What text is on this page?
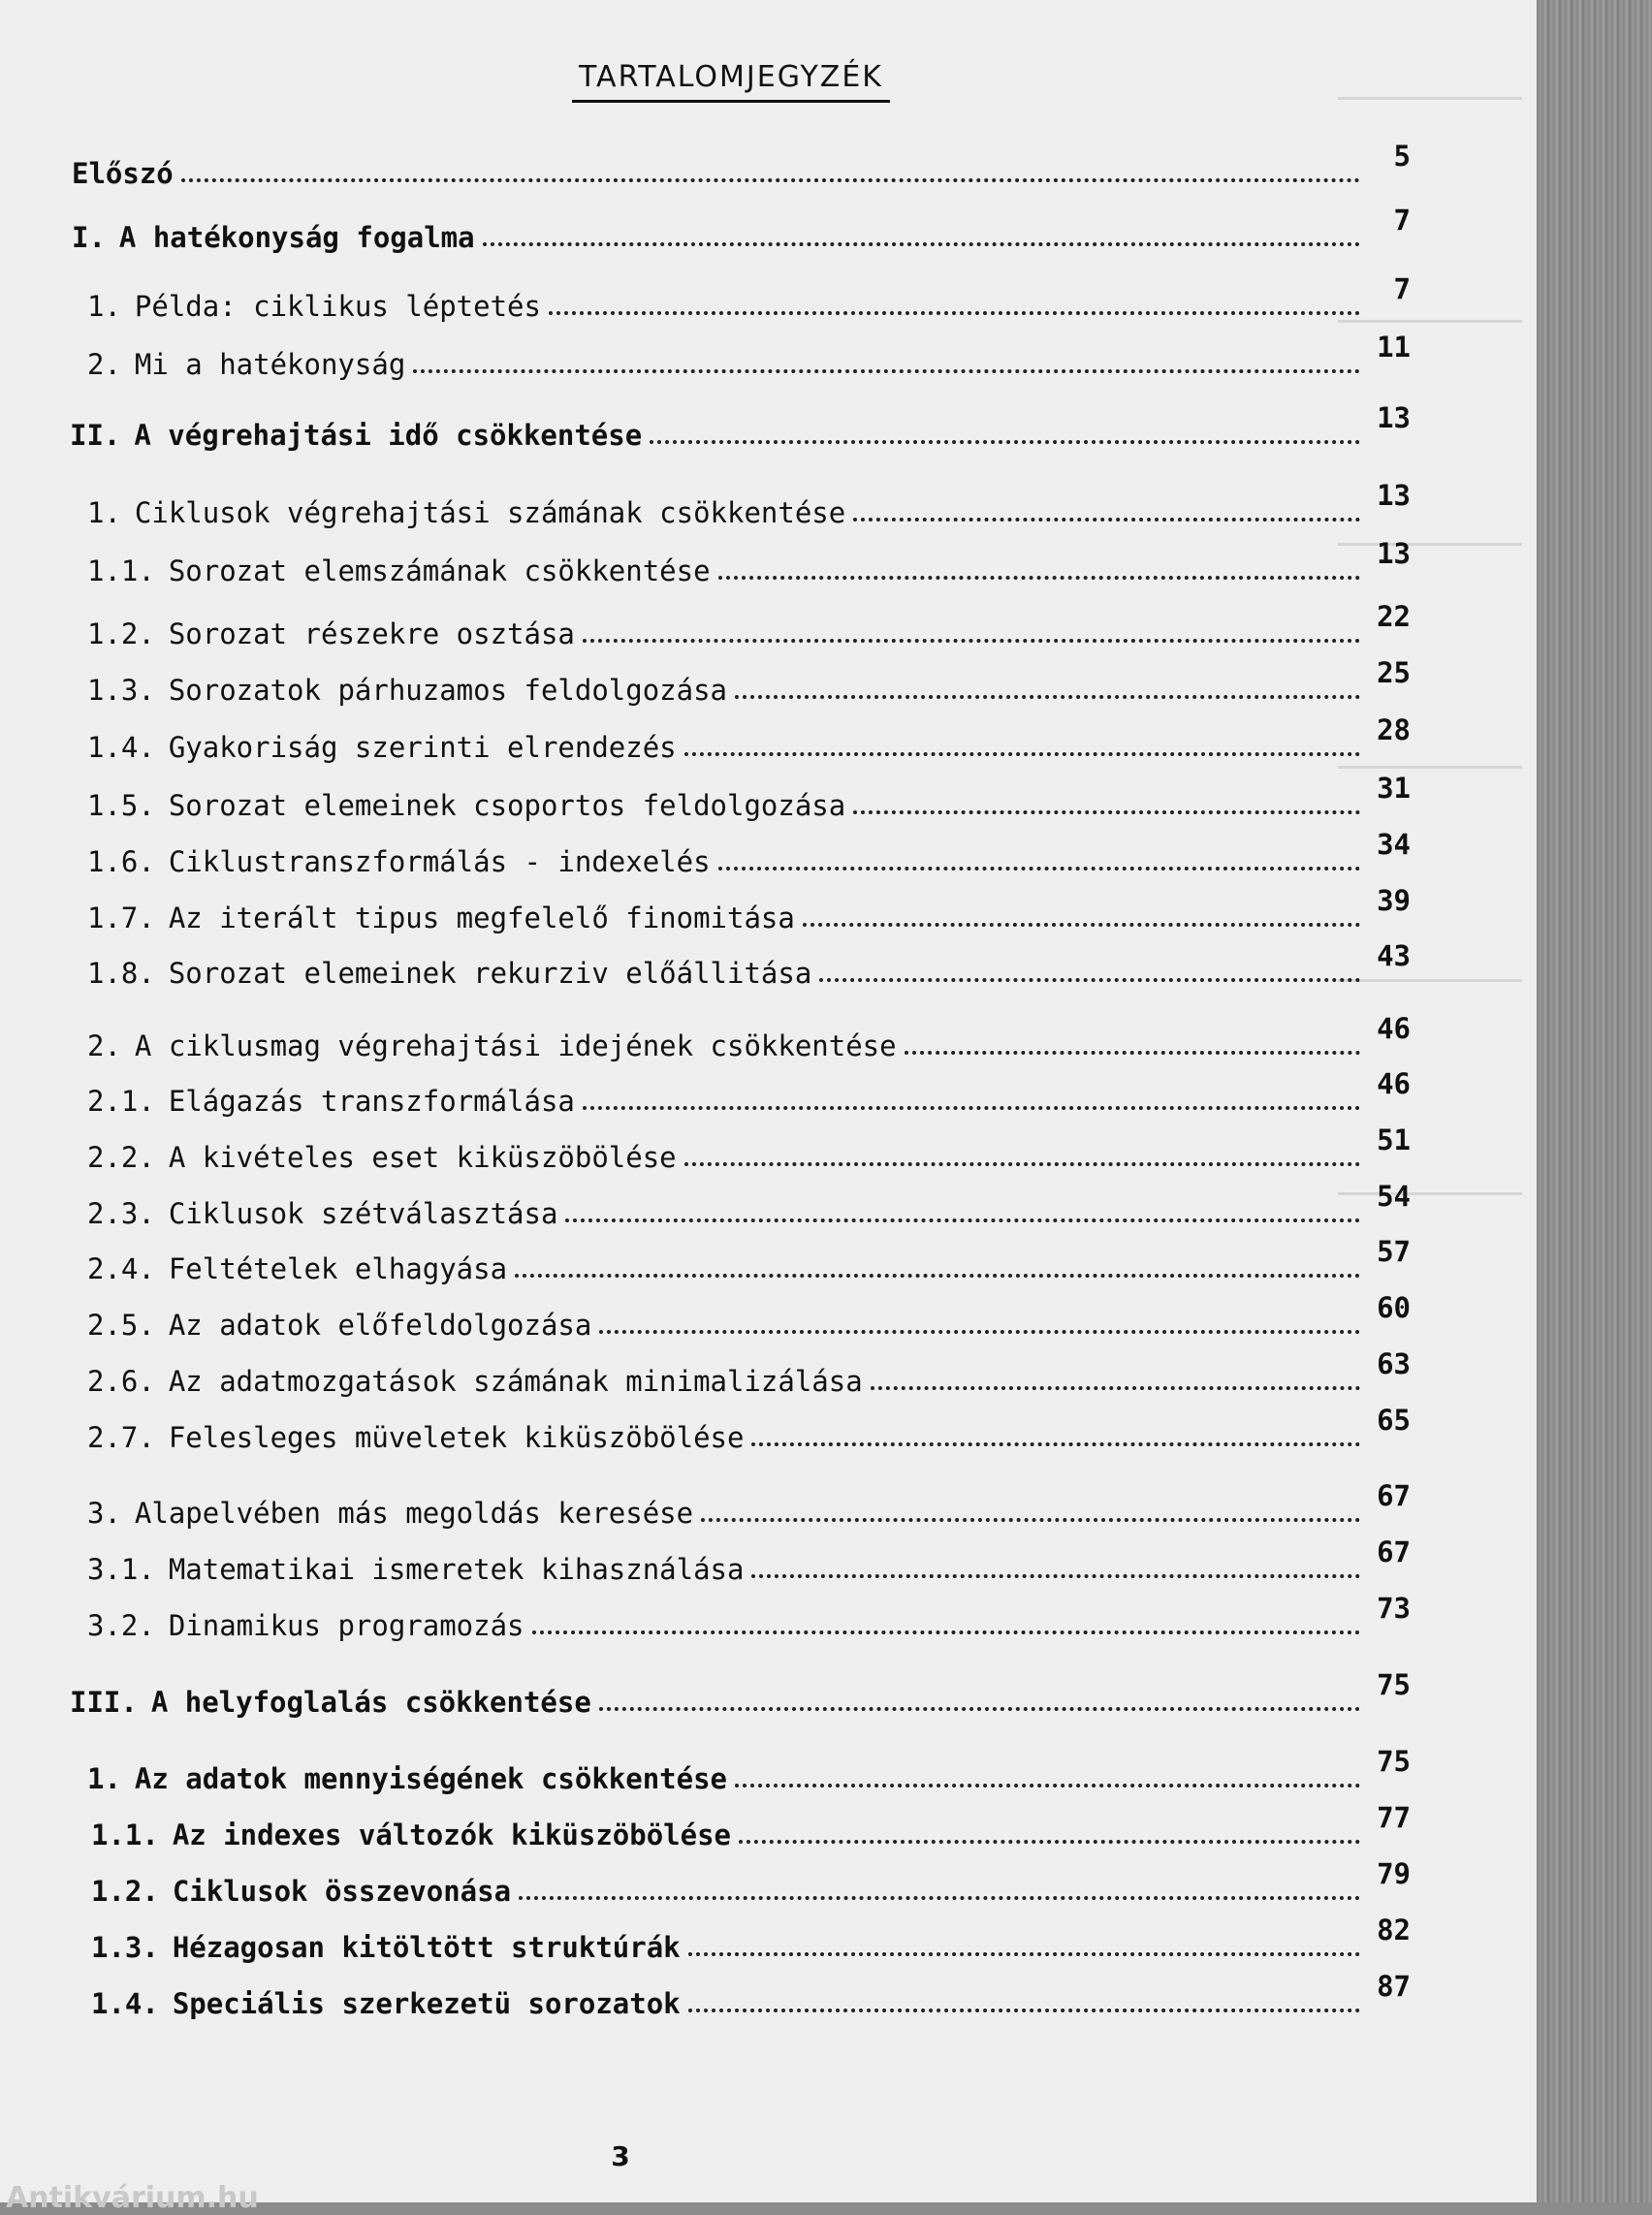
TARTALOMJEGYZÉK
Előszó
5
I. A hatékonyság fogalma
7
1. Példa: ciklikus léptetés
7
2. Mi a hatékonyság
11
II. A végrehajtási idő csökkentése
13
1. Ciklusok végrehajtási számának csökkentése
13
1.1. Sorozat elemszámának csökkentése
13
1.2. Sorozat részekre osztása
22
1.3. Sorozatok párhuzamos feldolgozása
25
1.4. Gyakoriság szerinti elrendezés
28
1.5. Sorozat elemeinek csoportos feldolgozása
31
1.6. Ciklustranszformálás - indexelés
34
1.7. Az iterált tipus megfelelő finomitása
39
1.8. Sorozat elemeinek rekurziv előállitása
43
2. A ciklusmag végrehajtási idejének csökkentése
46
2.1. Elágazás transzformálása
46
2.2. A kivételes eset kiküszöbölése
51
2.3. Ciklusok szétválasztása
54
2.4. Feltételek elhagyása
57
2.5. Az adatok előfeldolgozása
60
2.6. Az adatmozgatások számának minimalizálása
63
2.7. Felesleges müveletek kiküszöbölése
65
3. Alapelvében más megoldás keresése
67
3.1. Matematikai ismeretek kihasználása
67
3.2. Dinamikus programozás
73
III. A helyfoglalás csökkentése
75
1. Az adatok mennyiségének csökkentése
75
1.1. Az indexes változók kiküszöbölése
77
1.2. Ciklusok összevonása
79
1.3. Hézagosan kitöltött struktúrák
82
1.4. Speciális szerkezetü sorozatok
87
3
Antikvárium.hu
